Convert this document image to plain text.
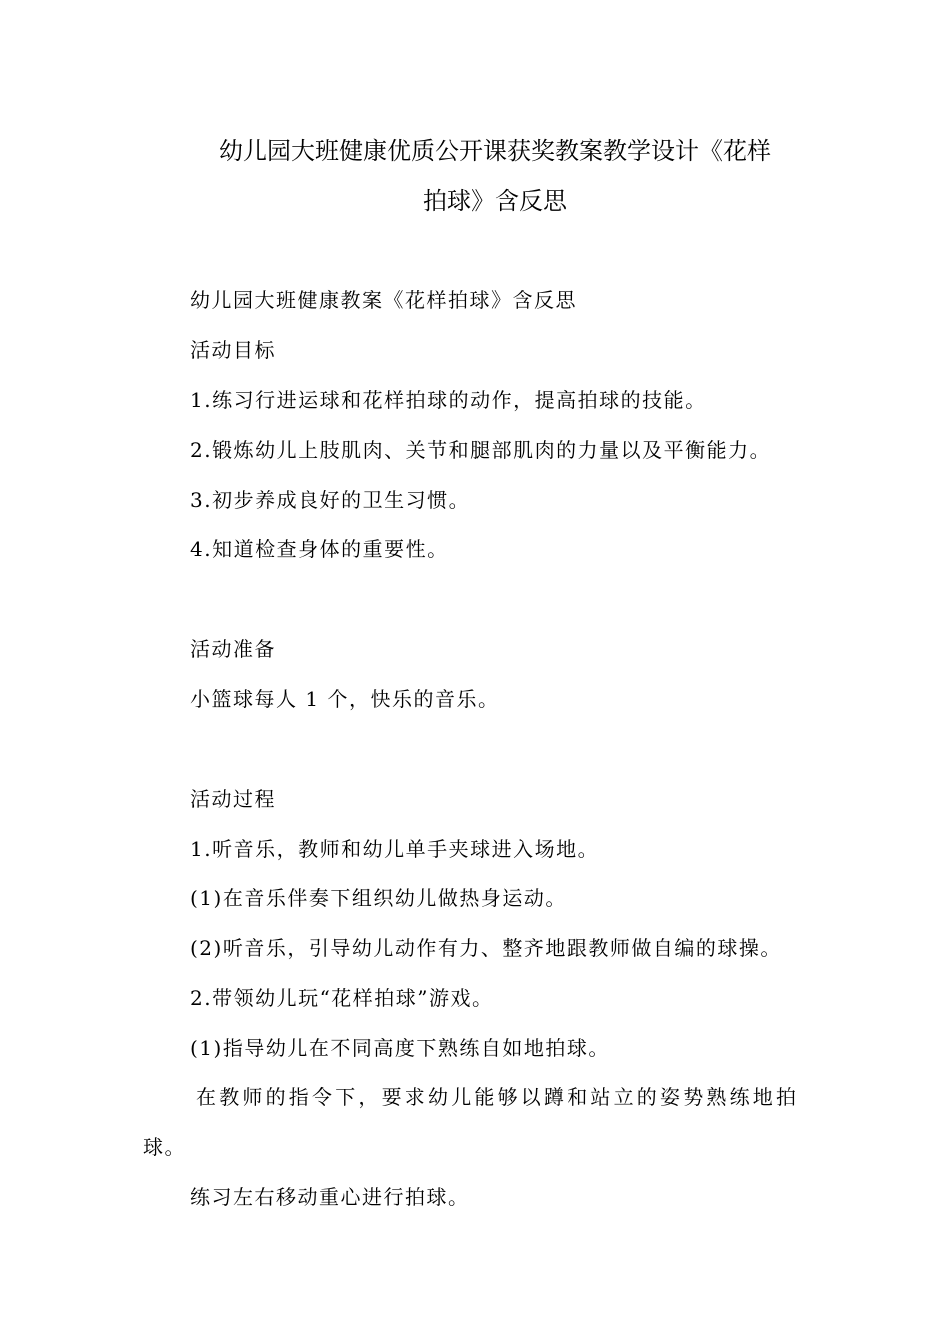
幼儿园大班健康优质公开课获奖教案教学设计《花样
拍球》含反思
幼儿园大班健康教案《花样拍球》含反思
活动目标
1.练习行进运球和花样拍球的动作，提高拍球的技能。
2.锻炼幼儿上肢肌肉、关节和腿部肌肉的力量以及平衡能力。
3.初步养成良好的卫生习惯。
4.知道检查身体的重要性。
活动准备
小篮球每人 1 个，快乐的音乐。
活动过程
1.听音乐，教师和幼儿单手夹球进入场地。
(1)在音乐伴奏下组织幼儿做热身运动。
(2)听音乐，引导幼儿动作有力、整齐地跟教师做自编的球操。
2.带领幼儿玩“花样拍球”游戏。
(1)指导幼儿在不同高度下熟练自如地拍球。
在教师的指令下，要求幼儿能够以蹲和站立的姿势熟练地拍
球。
练习左右移动重心进行拍球。
